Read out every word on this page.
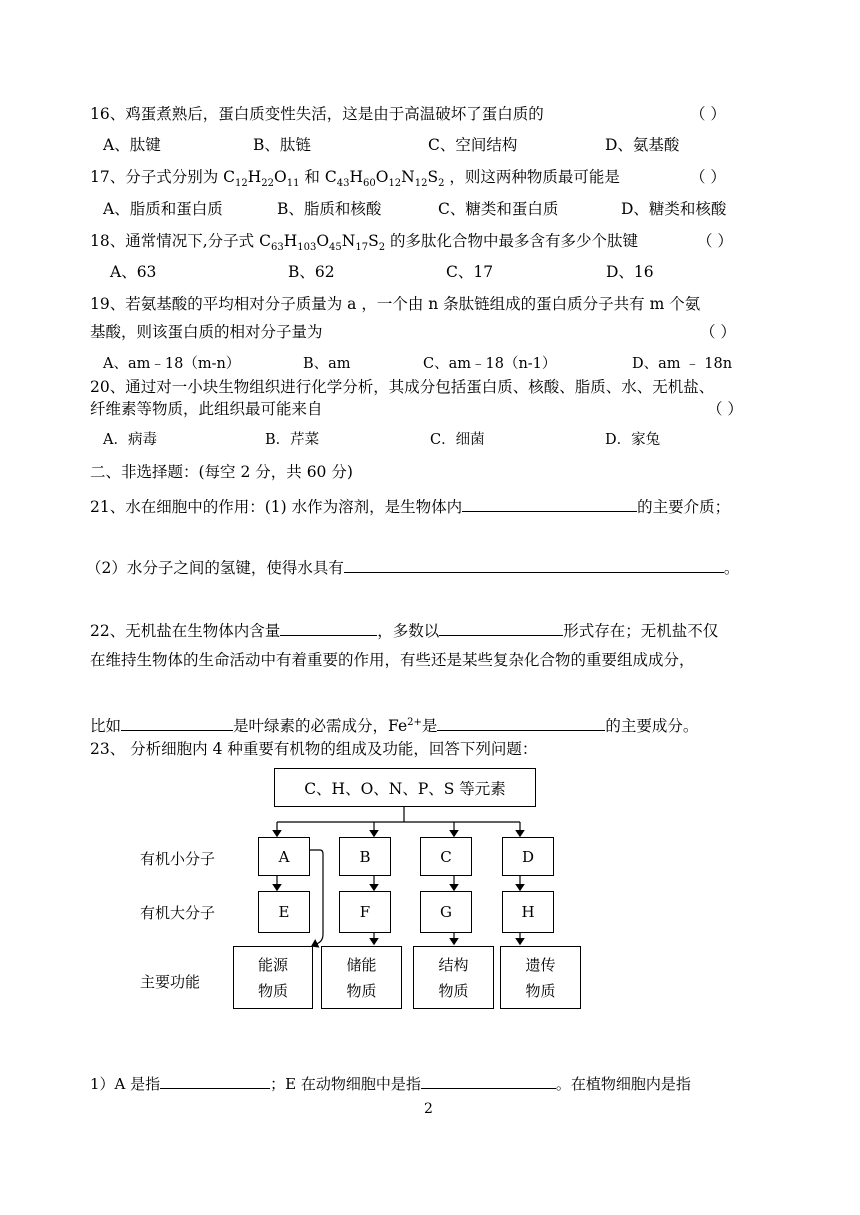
16、鸡蛋煮熟后，蛋白质变性失活，这是由于高温破坏了蛋白质的	（ ）
A、肽键	B、肽链	C、空间结构	D、氨基酸
17、分子式分别为 $C_{12}H_{22}O_{11}$ 和 $C_{43}H_{60}O_{12}N_{12}S_2$ ，则这两种物质最可能是	（ ）
A、脂质和蛋白质	B、脂质和核酸	C、糖类和蛋白质	D、糖类和核酸
18、通常情况下,分子式 $C_{63}H_{103}O_{45}N_{17}S_2$ 的多肽化合物中最多含有多少个肽键	（ ）
A、63	B、62	C、17	D、16
19、若氨基酸的平均相对分子质量为 a ，一个由 n 条肽链组成的蛋白质分子共有 m 个氨
基酸，则该蛋白质的相对分子量为	（ ）
A、am﹣18（m-n）	B、am	C、am﹣18（n-1）	D、am ﹣ 18n
20、通过对一小块生物组织进行化学分析，其成分包括蛋白质、核酸、脂质、水、无机盐、
纤维素等物质，此组织最可能来自	（ ）
A．病毒	B．芹菜	C．细菌	D．家兔
二、非选择题：(每空 2 分，共 60 分)
21、水在细胞中的作用：(1) 水作为溶剂，是生物体内	的主要介质；
（2）水分子之间的氢键，使得水具有	。
22、无机盐在生物体内含量	，多数以	形式存在；无机盐不仅
在维持生物体的生命活动中有着重要的作用，有些还是某些复杂化合物的重要组成成分，
比如	是叶绿素的必需成分，$Fe^{2+}$是	的主要成分。
23、 分析细胞内 4 种重要有机物的组成及功能，回答下列问题：
C、H、O、N、P、S 等元素
有机小分子
有机大分子
主要功能
A	B	C	D
E	F	G	H
能源
物质
储能
物质
结构
物质
遗传
物质
1）A 是指	；E 在动物细胞中是指	。在植物细胞内是指
2
